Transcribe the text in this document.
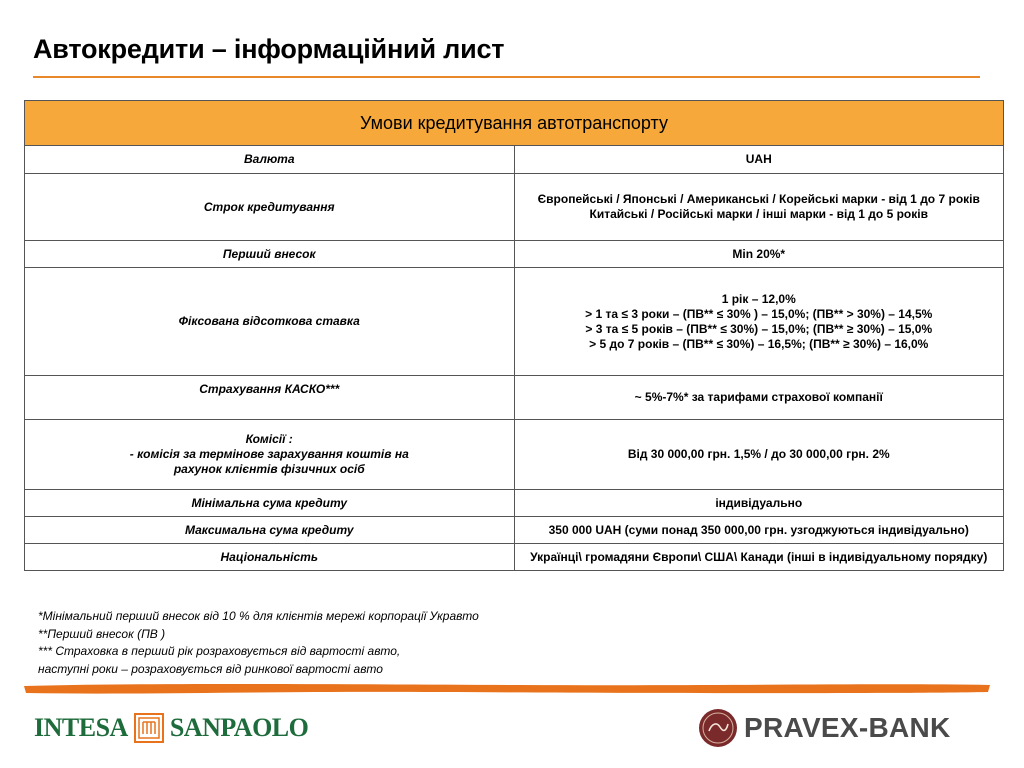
Автокредити – інформаційний лист
Умови кредитування автотранспорту	

Валюта	UAH

Строк кредитування	Європейські / Японські / Американські / Корейські марки - від 1 до 7 років
Китайські / Російські марки / інші марки - від 1 до 5 років

Перший внесок	Min 20%*

Фіксована відсоткова ставка	1 рік – 12,0%
> 1 та ≤ 3 роки – (ПВ** ≤ 30% ) – 15,0%; (ПВ** > 30%) – 14,5%
> 3 та ≤ 5 років – (ПВ** ≤ 30%) – 15,0%; (ПВ** ≥ 30%) – 15,0%
> 5 до 7 років – (ПВ** ≤ 30%) – 16,5%; (ПВ** ≥ 30%) – 16,0%

Страхування КАСКО***	~ 5%-7%* за тарифами страхової компанії

Комісії :
- комісія за термінове зарахування коштів на
рахунок клієнтів фізичних осіб	Від 30 000,00 грн. 1,5% / до 30 000,00 грн. 2%

Мінімальна сума кредиту	індивідуально

Максимальна сума кредиту	350 000 UAH (суми понад 350 000,00 грн. узгоджуються індивідуально)

Національність	Українці\ громадяни Європи\ США\ Канади (інші в індивідуальному порядку)
*Мінімальний перший внесок від 10 % для клієнтів мережі корпорації Укравто
**Перший внесок (ПВ )
*** Страховка в перший рік розраховується від вартості авто,
наступні роки – розраховується від ринкової вартості авто
INTESA SANPAOLO	PRAVEX-BANK
